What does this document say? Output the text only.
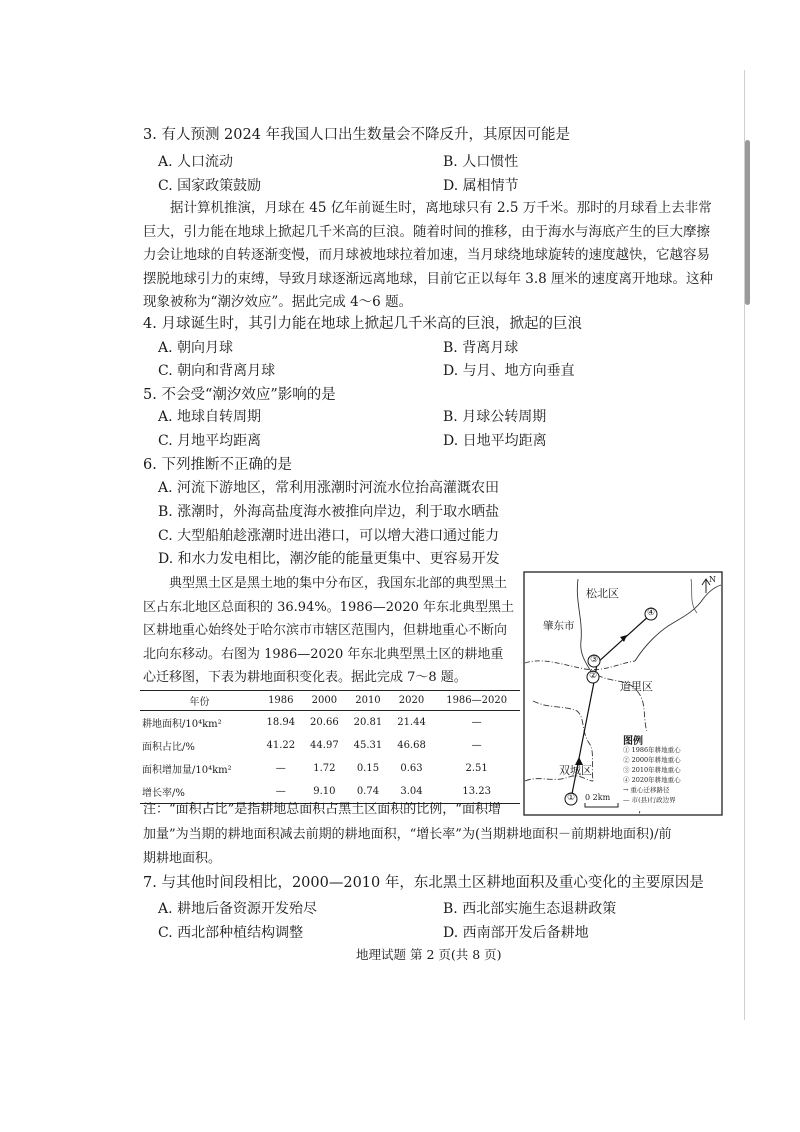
3. 有人预测 2024 年我国人口出生数量会不降反升，其原因可能是
A. 人口流动	B. 人口惯性
C. 国家政策鼓励	D. 属相情节
据计算机推演，月球在 45 亿年前诞生时，离地球只有 2.5 万千米。那时的月球看上去非常巨大，引力能在地球上掀起几千米高的巨浪。随着时间的推移，由于海水与海底产生的巨大摩擦力会让地球的自转逐渐变慢，而月球被地球拉着加速，当月球绕地球旋转的速度越快，它越容易摆脱地球引力的束缚，导致月球逐渐远离地球，目前它正以每年 3.8 厘米的速度离开地球。这种现象被称为“潮汐效应”。据此完成 4～6 题。
4. 月球诞生时，其引力能在地球上掀起几千米高的巨浪，掀起的巨浪
A. 朝向月球	B. 背离月球
C. 朝向和背离月球	D. 与月、地方向垂直
5. 不会受“潮汐效应”影响的是
A. 地球自转周期	B. 月球公转周期
C. 月地平均距离	D. 日地平均距离
6. 下列推断不正确的是
A. 河流下游地区，常利用涨潮时河流水位抬高灌溉农田
B. 涨潮时，外海高盐度海水被推向岸边，利于取水晒盐
C. 大型船舶趁涨潮时进出港口，可以增大港口通过能力
D. 和水力发电相比，潮汐能的能量更集中、更容易开发
典型黑土区是黑土地的集中分布区，我国东北部的典型黑土区占东北地区总面积的 36.94%。1986—2020 年东北典型黑土区耕地重心始终处于哈尔滨市市辖区范围内，但耕地重心不断向北向东移动。右图为 1986—2020 年东北典型黑土区的耕地重心迁移图，下表为耕地面积变化表。据此完成 7～8 题。
年份	1986	2000	2010	2020	1986—2020
耕地面积/10⁴km²	18.94	20.66	20.81	21.44	—
面积占比/%	41.22	44.97	45.31	46.68	—
面积增加量/10⁴km²	—	1.72	0.15	0.63	2.51
增长率/%	—	9.10	0.74	3.04	13.23
①
②
③
④
松北区
肇东市
道里区
双城区
N
0 2km
图例
① 1986年耕地重心
② 2000年耕地重心
③ 2010年耕地重心
④ 2020年耕地重心
→ 重心迁移路径
— 市(县)行政边界
注：“面积占比”是指耕地总面积占黑土区面积的比例，“面积增
加量”为当期的耕地面积减去前期的耕地面积，“增长率”为(当期耕地面积－前期耕地面积)/前
期耕地面积。
7. 与其他时间段相比，2000—2010 年，东北黑土区耕地面积及重心变化的主要原因是
A. 耕地后备资源开发殆尽	B. 西北部实施生态退耕政策
C. 西北部种植结构调整	D. 西南部开发后备耕地
地理试题 第 2 页(共 8 页)
